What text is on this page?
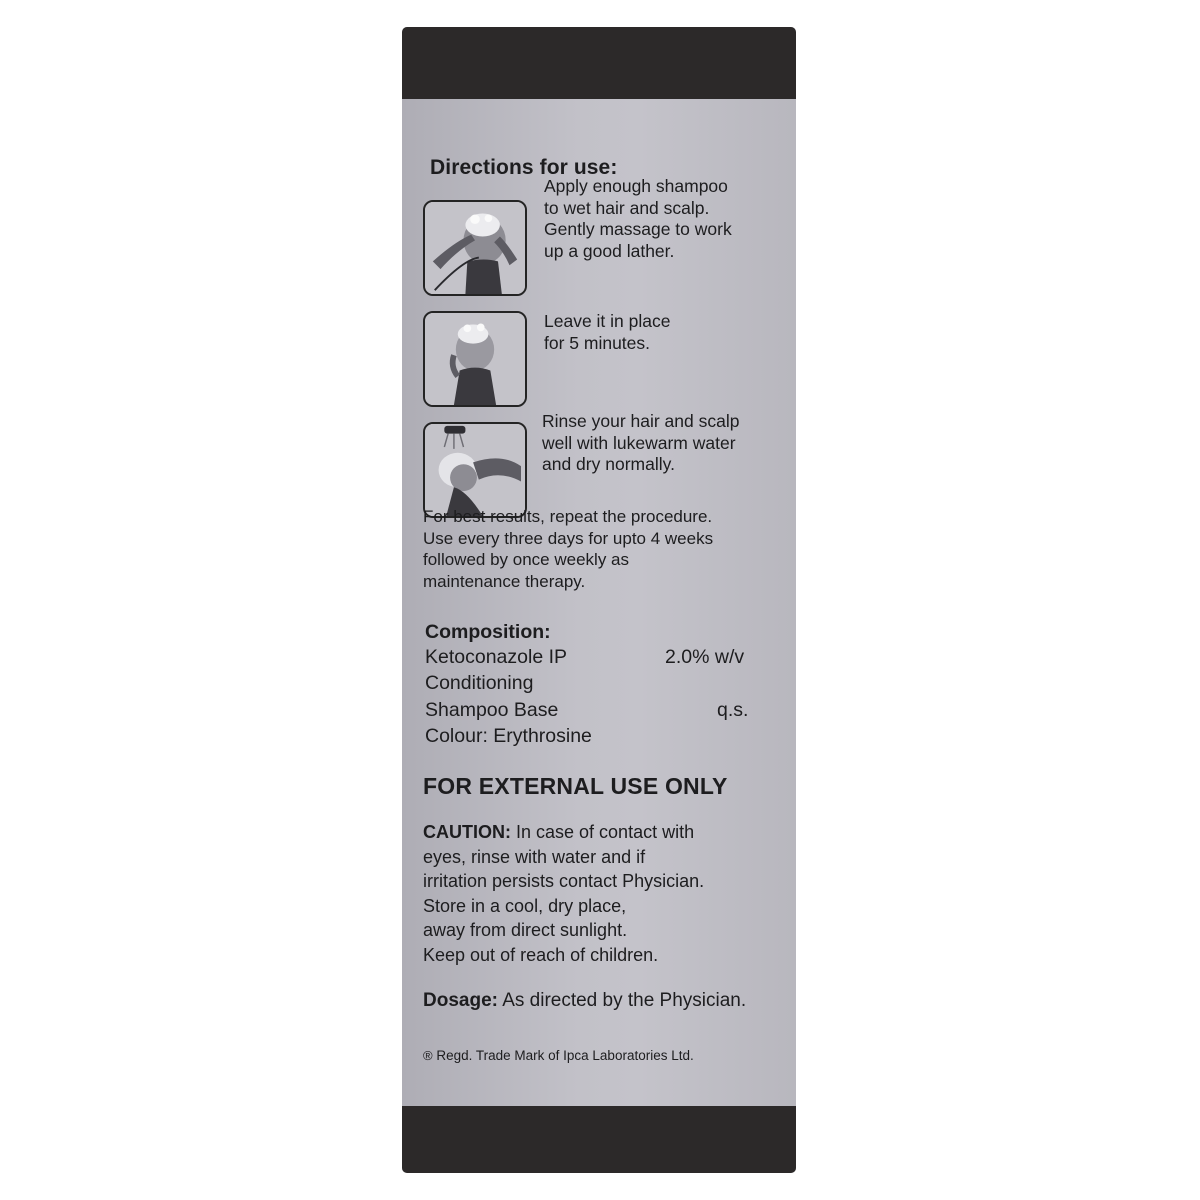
Directions for use:
Apply enough shampoo
to wet hair and scalp.
Gently massage to work
up a good lather.
Leave it in place
for 5 minutes.
Rinse your hair and scalp
well with lukewarm water
and dry normally.
For best results, repeat the procedure.
Use every three days for upto 4 weeks
followed by once weekly as
maintenance therapy.
Composition:
Ketoconazole IP	2.0% w/v
Conditioning
Shampoo Base	q.s.
Colour: Erythrosine
FOR EXTERNAL USE ONLY
CAUTION: In case of contact with
eyes, rinse with water and if
irritation persists contact Physician.
Store in a cool, dry place,
away from direct sunlight.
Keep out of reach of children.
Dosage: As directed by the Physician.
® Regd. Trade Mark of Ipca Laboratories Ltd.
